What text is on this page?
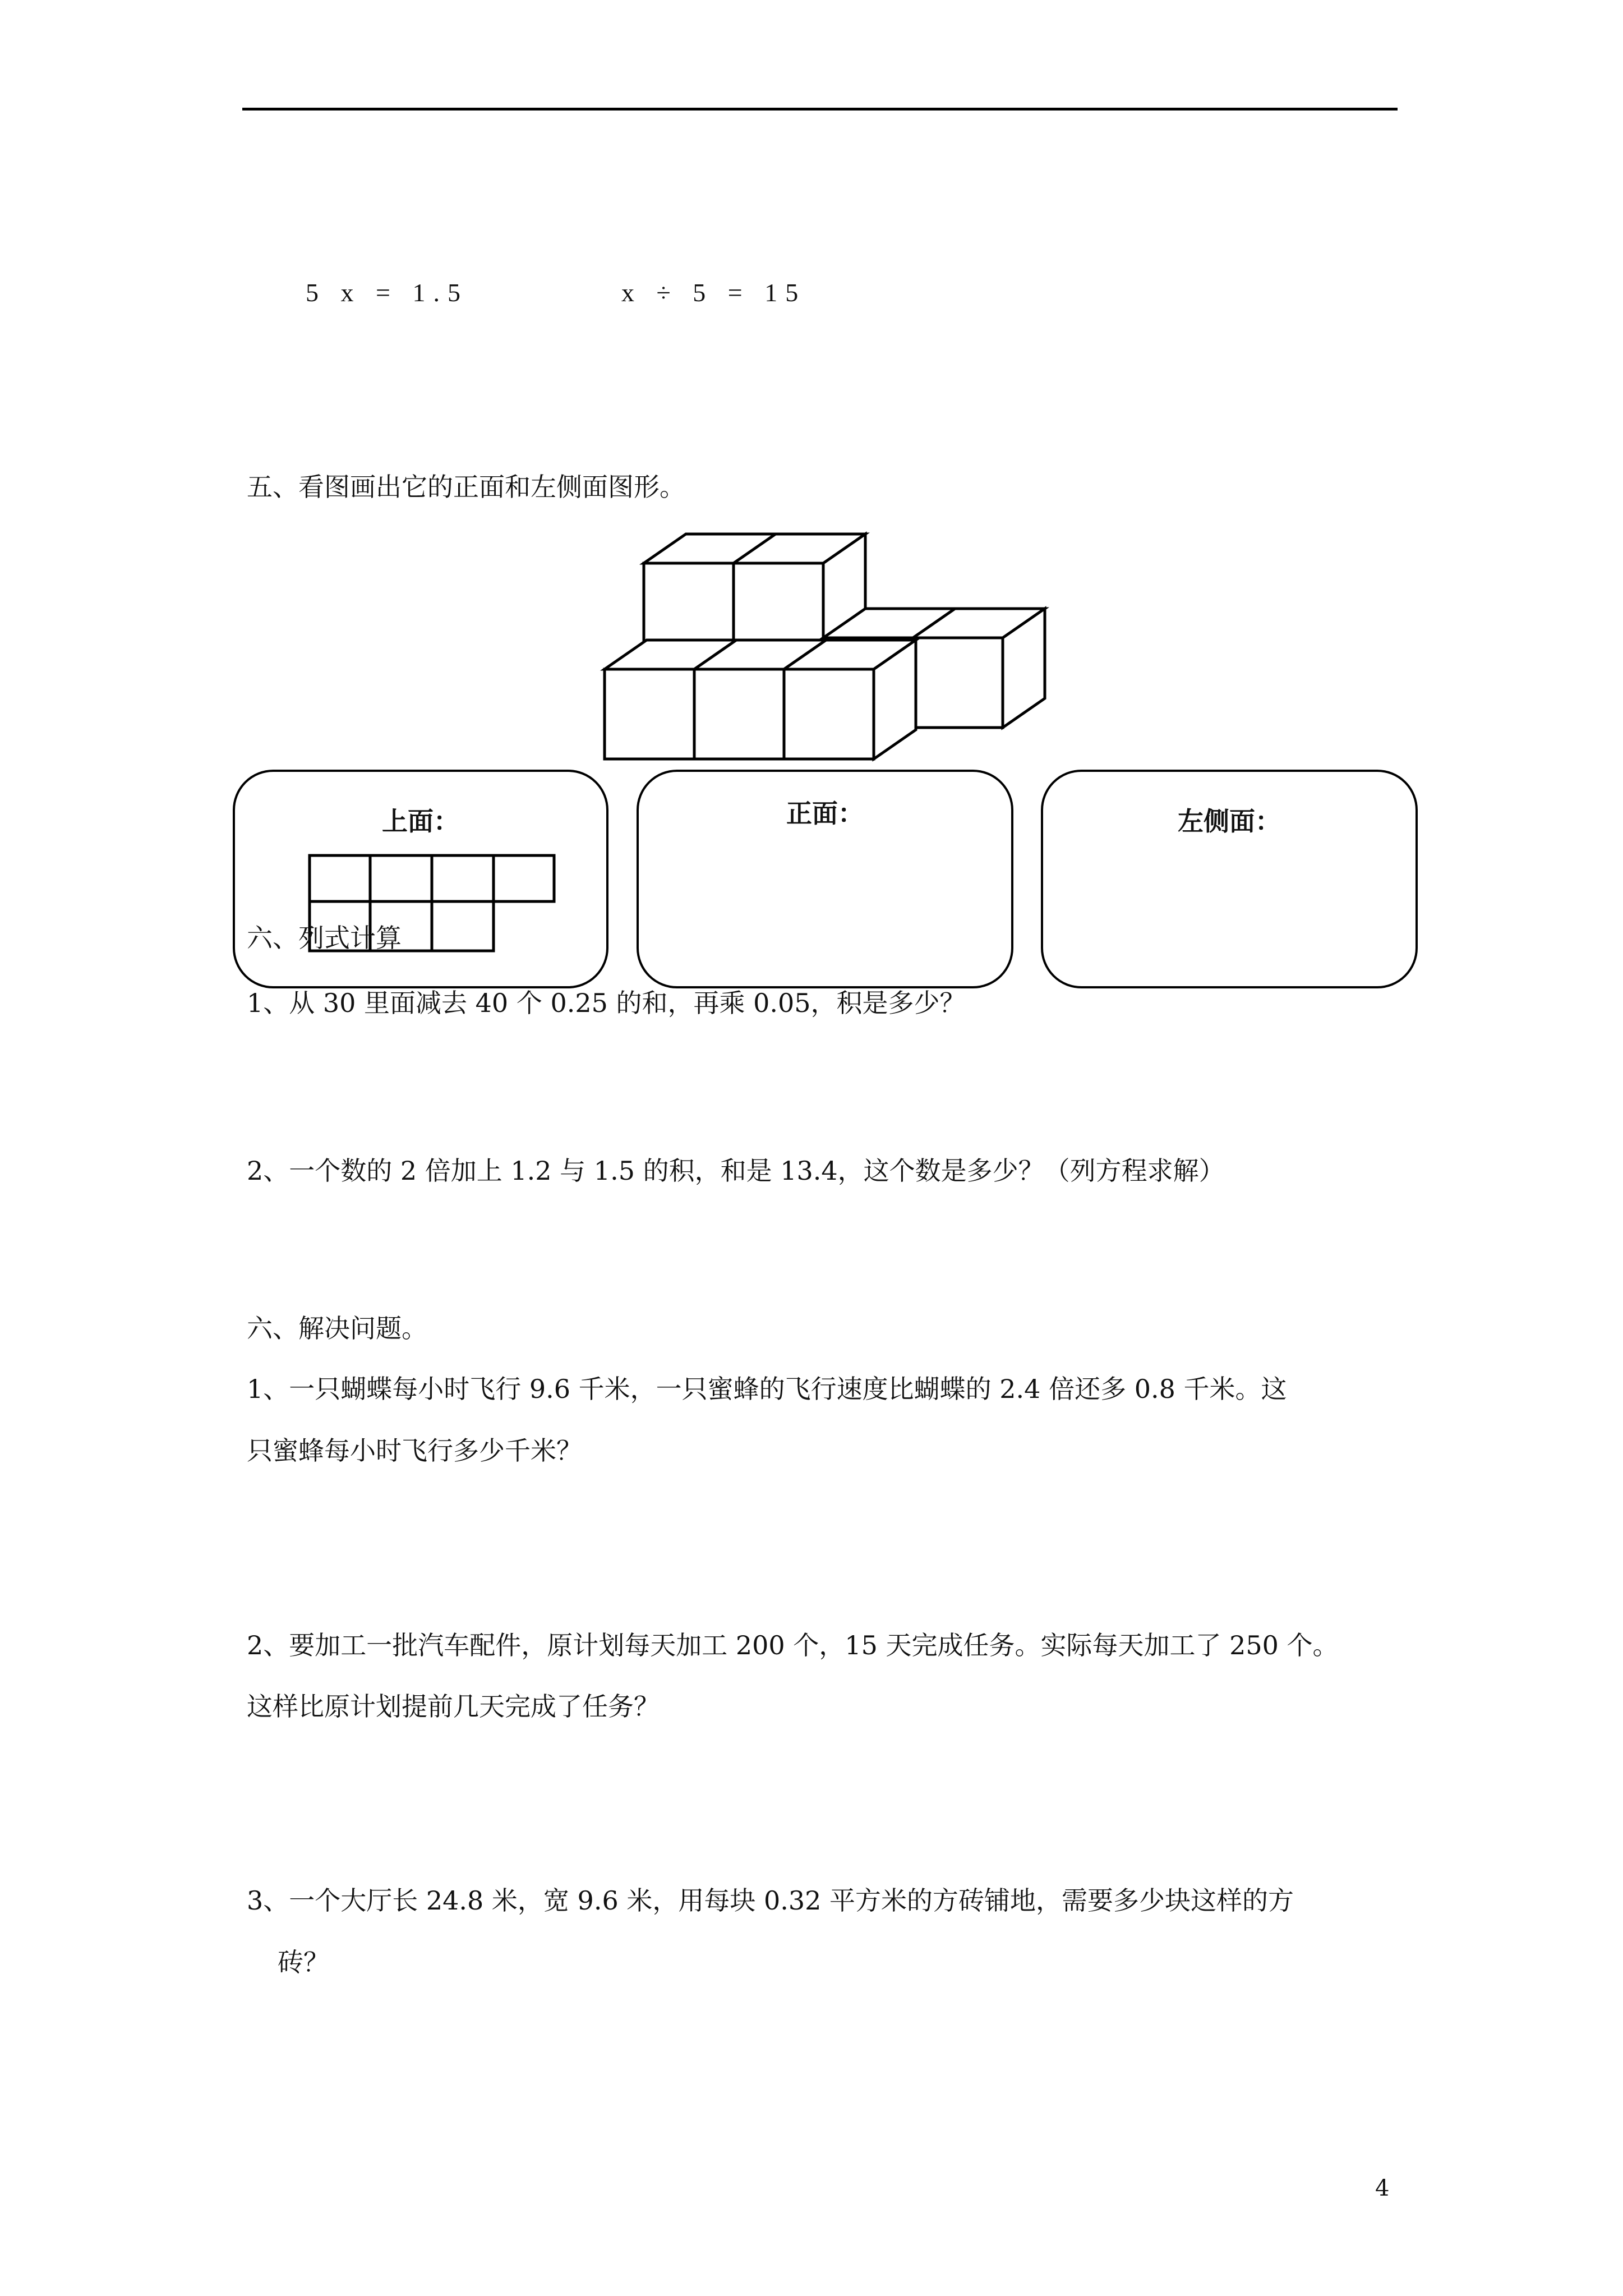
5 x = 1.5	x ÷ 5 = 15
五、看图画出它的正面和左侧面图形。
上面：	正面：	左侧面：
六、列式计算
1、从 30 里面减去 40 个 0.25 的和，再乘 0.05，积是多少？
2、一个数的 2 倍加上 1.2 与 1.5 的积，和是 13.4，这个数是多少？（列方程求解）
六、解决问题。
1、一只蝴蝶每小时飞行 9.6 千米，一只蜜蜂的飞行速度比蝴蝶的 2.4 倍还多 0.8 千米。这
只蜜蜂每小时飞行多少千米？
2、要加工一批汽车配件，原计划每天加工 200 个，15 天完成任务。实际每天加工了 250 个。
这样比原计划提前几天完成了任务？
3、一个大厅长 24.8 米，宽 9.6 米，用每块 0.32 平方米的方砖铺地，需要多少块这样的方
砖？
4
